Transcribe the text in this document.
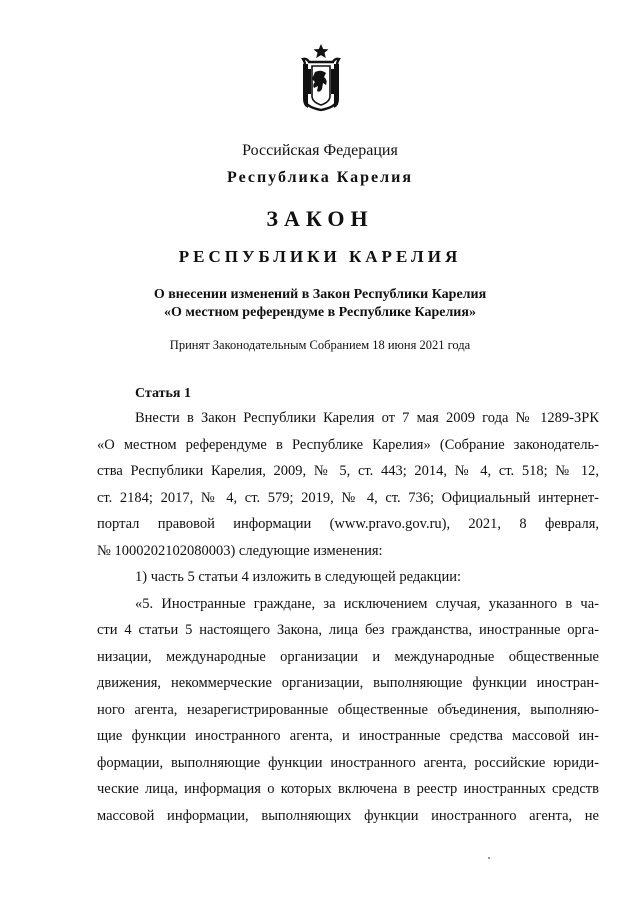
Российская Федерация
Республика Карелия
ЗАКОН
РЕСПУБЛИКИ КАРЕЛИЯ
О внесении изменений в Закон Республики Карелия
«О местном референдуме в Республике Карелия»
Принят Законодательным Собранием 18 июня 2021 года
Статья 1

Внести в Закон Республики Карелия от 7 мая 2009 года № 1289-ЗРК

«О местном референдуме в Республике Карелия» (Собрание законодатель-

ства Республики Карелия, 2009, № 5, ст. 443; 2014, № 4, ст. 518; № 12,

ст. 2184; 2017, № 4, ст. 579; 2019, № 4, ст. 736; Официальный интернет-

портал правовой информации (www.pravo.gov.ru), 2021, 8 февраля,

№ 1000202102080003) следующие изменения:

1) часть 5 статьи 4 изложить в следующей редакции:

«5. Иностранные граждане, за исключением случая, указанного в ча-

сти 4 статьи 5 настоящего Закона, лица без гражданства, иностранные орга-

низации, международные организации и международные общественные

движения, некоммерческие организации, выполняющие функции иностран-

ного агента, незарегистрированные общественные объединения, выполняю-

щие функции иностранного агента, и иностранные средства массовой ин-

формации, выполняющие функции иностранного агента, российские юриди-

ческие лица, информация о которых включена в реестр иностранных средств

массовой информации, выполняющих функции иностранного агента, не
